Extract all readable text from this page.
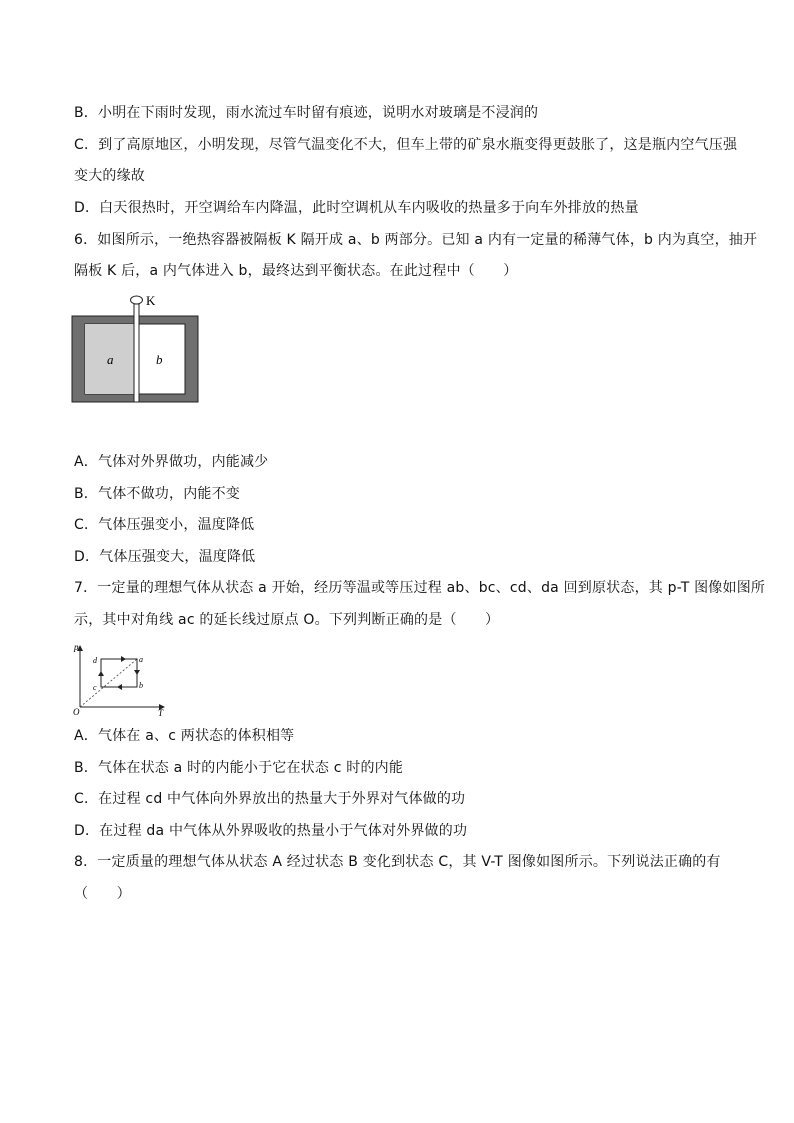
B．小明在下雨时发现，雨水流过车时留有痕迹，说明水对玻璃是不浸润的
C．到了高原地区，小明发现，尽管气温变化不大，但车上带的矿泉水瓶变得更鼓胀了，这是瓶内空气压强
变大的缘故
D．白天很热时，开空调给车内降温，此时空调机从车内吸收的热量多于向车外排放的热量
6．如图所示，一绝热容器被隔板 K 隔开成 a、b 两部分。已知 a 内有一定量的稀薄气体，b 内为真空，抽开
隔板 K 后，a 内气体进入 b，最终达到平衡状态。在此过程中（　　）
K
a	b
A．气体对外界做功，内能减少
B．气体不做功，内能不变
C．气体压强变小，温度降低
D．气体压强变大，温度降低
7．一定量的理想气体从状态 a 开始，经历等温或等压过程 ab、bc、cd、da 回到原状态，其 p-T 图像如图所
示，其中对角线 ac 的延长线过原点 O。下列判断正确的是（　　）
p
T
O
a
b
c
d
A．气体在 a、c 两状态的体积相等
B．气体在状态 a 时的内能小于它在状态 c 时的内能
C．在过程 cd 中气体向外界放出的热量大于外界对气体做的功
D．在过程 da 中气体从外界吸收的热量小于气体对外界做的功
8．一定质量的理想气体从状态 A 经过状态 B 变化到状态 C，其 V-T 图像如图所示。下列说法正确的有
（　　）
